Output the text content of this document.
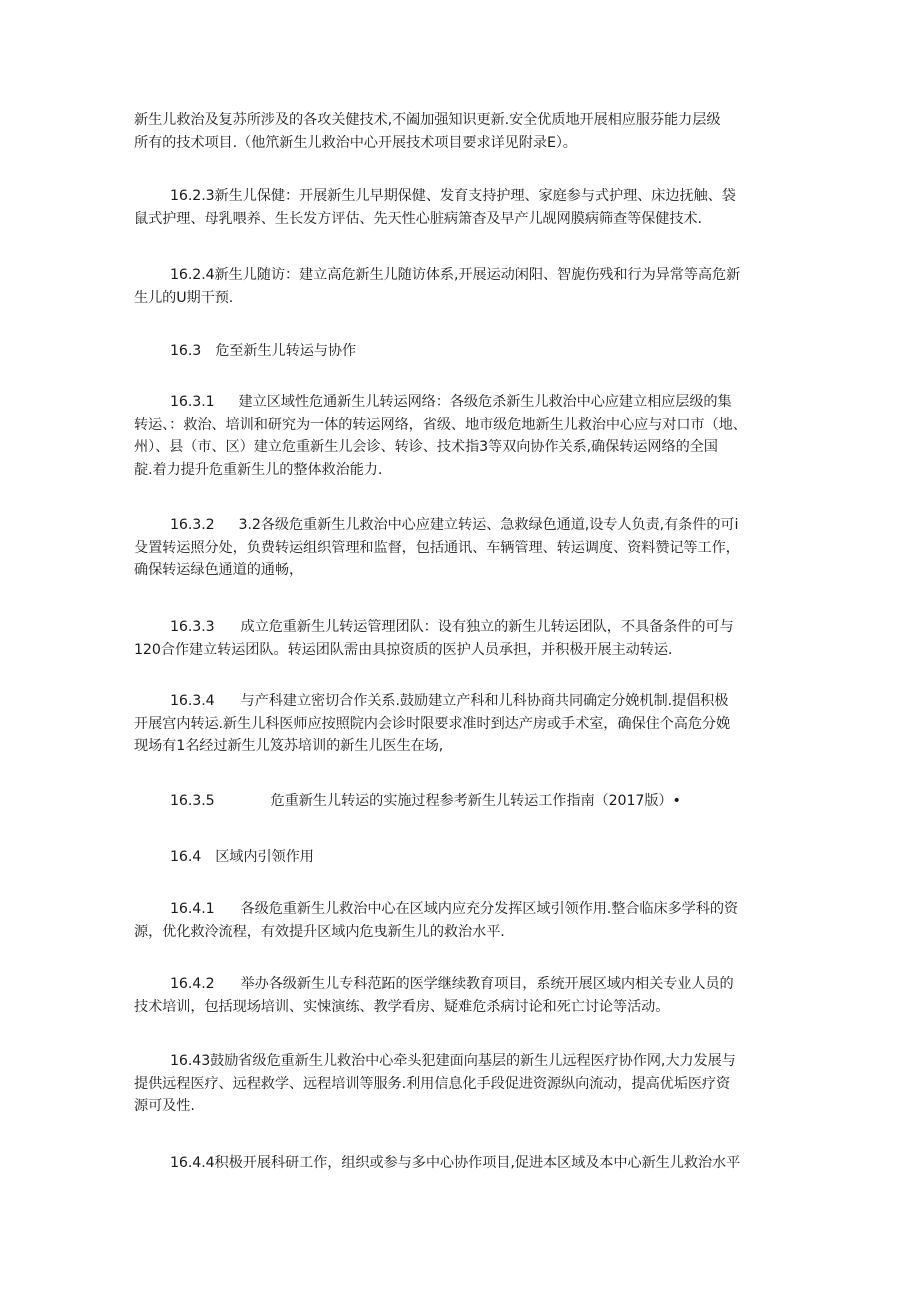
新生儿救治及复苏所涉及的各攻关健技术,不阖加强知识更新.安全优质地开展相应服芬能力层级
所有的技术项目.（他笊新生儿救治中心开展技术项目要求详见附录E）。
16.2.3新生儿保健：开展新生儿早期保健、发育支持护理、家庭参与式护理、床边抚触、袋
鼠式护理、母乳喂养、生长发方评估、先天性心脏病箫杳及早产儿觇网膜病筛查等保健技术.
16.2.4新生儿随访：建立高危新生儿随访体系,开展运动闲阳、智旎伤残和行为异常等高危新
生儿的U期干预.
16.3 危至新生儿转运与协作
16.3.1 建立区域性危通新生儿转运网络：各级危杀新生儿救治中心应建立相应层级的集
转运、：救治、培训和研究为一体的转运网络，省级、地市级危地新生儿救治中心应与对口市（地、
州）、县（市、区）建立危重新生儿会诊、转诊、技术指3等双向协作关系,确保转运网络的全国
靛.着力提升危重新生儿的整体救治能力.
16.3.2 3.2各级危重新生儿救治中心应建立转运、急救绿色通道,设专人负责,有条件的可i
殳置转运照分处，负费转运组织管理和监督，包括通讯、车辆管理、转运调度、资料赞记等工作，
确保转运绿色通道的通畅，
16.3.3 成立危重新生儿转运管理团队：设有独立的新生儿转运团队，不具备条件的可与
120合作建立转运团队。转运团队需由具掠资质的医护人员承担，并积极开展主动转运.
16.3.4 与产科建立密切合作关系.鼓励建立产科和儿科协商共同确定分娩机制.提倡积极
开展宫内转运.新生儿科医师应按照院内会诊时限要求准时到达产房或手术室，确保住个高危分娩
现场有1名经过新生儿笈苏培训的新生儿医生在场,
16.3.5	危重新生儿转运的实施过程参考新生儿转运工作指南（2017版）•
16.4 区域内引领作用
16.4.1 各级危重新生儿救治中心在区域内应充分发挥区域引领作用.整合临床多学科的资
源，优化救泠流程，有效提升区域内危曳新生儿的救治水平.
16.4.2 举办各级新生儿专科范跖的医学继续教育项目，系统开展区域内相关专业人员的
技术培训，包括现场培训、实悚演练、教学看房、疑难危杀病讨论和死亡讨论等活动。
16.43鼓励省级危重新生儿救治中心牵头犯建面向基层的新生儿远程医疗协作网,大力发展与
提供远程医疗、远程救学、远程培训等服务.利用信息化手段促进资源纵向流动，提高优垢医疗资
源可及性.
16.4.4积极开展科研工作，组织或参与多中心协作项目,促进本区域及本中心新生儿救治水平
